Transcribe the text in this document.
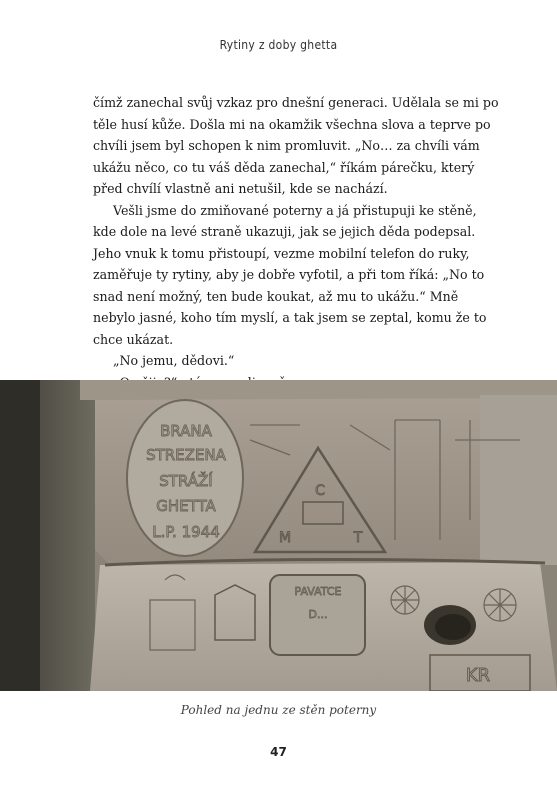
Rytiny z doby ghetta

čímž zanechal svůj vzkaz pro dnešní generaci. Udělala se mi po těle husí kůže. Došla mi na okamžik všechna slova a teprve po chvíli jsem byl schopen k nim promluvit. „No… za chvíli vám ukážu něco, co tu váš děda zanechal,“ říkám párečku, který před chvílí vlastně ani netušil, kde se nachází.

Vešli jsme do zmiňované poterny a já přistupuji ke stěně, kde dole na levé straně ukazuji, jak se jejich děda podepsal. Jeho vnuk k tomu přistoupí, vezme mobilní telefon do ruky, zaměřuje ty rytiny, aby je dobře vyfotil, a při tom říká: „No to snad není možný, ten bude koukat, až mu to ukážu.“ Mně nebylo jasné, koho tím myslí, a tak jsem se zeptal, komu že to chce ukázat.

„No jemu, dědovi.“

BRANA
STREZENA
STRÁŽÍ
GHETTA
L.P. 1944
C
M	T
PAVATCE
D...
KR
Pohled na jednu ze stěn poterny
47
